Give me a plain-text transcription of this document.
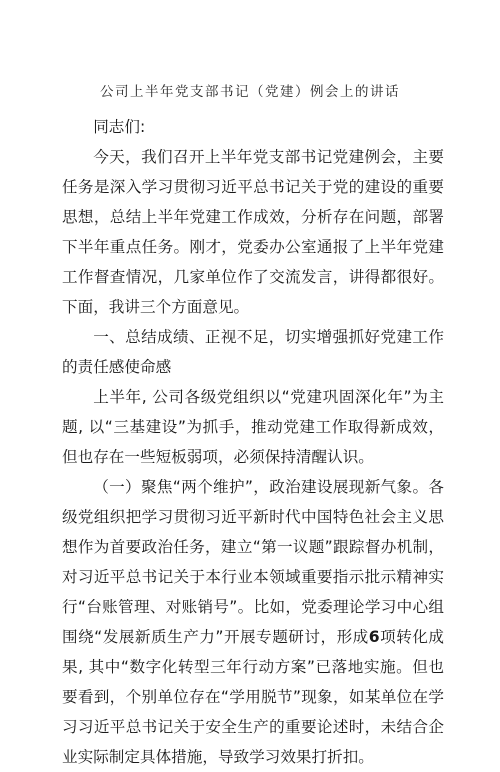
公司上半年党支部书记（党建）例会上的讲话

同志们:

今天，我们召开上半年党支部书记党建例会，主要任务是深入学习贯彻习近平总书记关于党的建设的重要思想，总结上半年党建工作成效，分析存在问题，部署下半年重点任务。刚才，党委办公室通报了上半年党建工作督查情况，几家单位作了交流发言，讲得都很好。下面，我讲三个方面意见。

一、总结成绩、正视不足，切实增强抓好党建工作的责任感使命感

上半年, 公司各级党组织以“党建巩固深化年”为主题, 以“三基建设”为抓手，推动党建工作取得新成效，但也存在一些短板弱项，必须保持清醒认识。

（一）聚焦“两个维护”，政治建设展现新气象。各级党组织把学习贯彻习近平新时代中国特色社会主义思想作为首要政治任务，建立“第一议题”跟踪督办机制，对习近平总书记关于本行业本领域重要指示批示精神实行“台账管理、对账销号”。比如，党委理论学习中心组围绕“发展新质生产力”开展专题研讨，形成6项转化成果, 其中“数字化转型三年行动方案”已落地实施。但也要看到，个别单位存在“学用脱节”现象，如某单位在学习习近平总书记关于安全生产的重要论述时，未结合企业实际制定具体措施，导致学习效果打折扣。
